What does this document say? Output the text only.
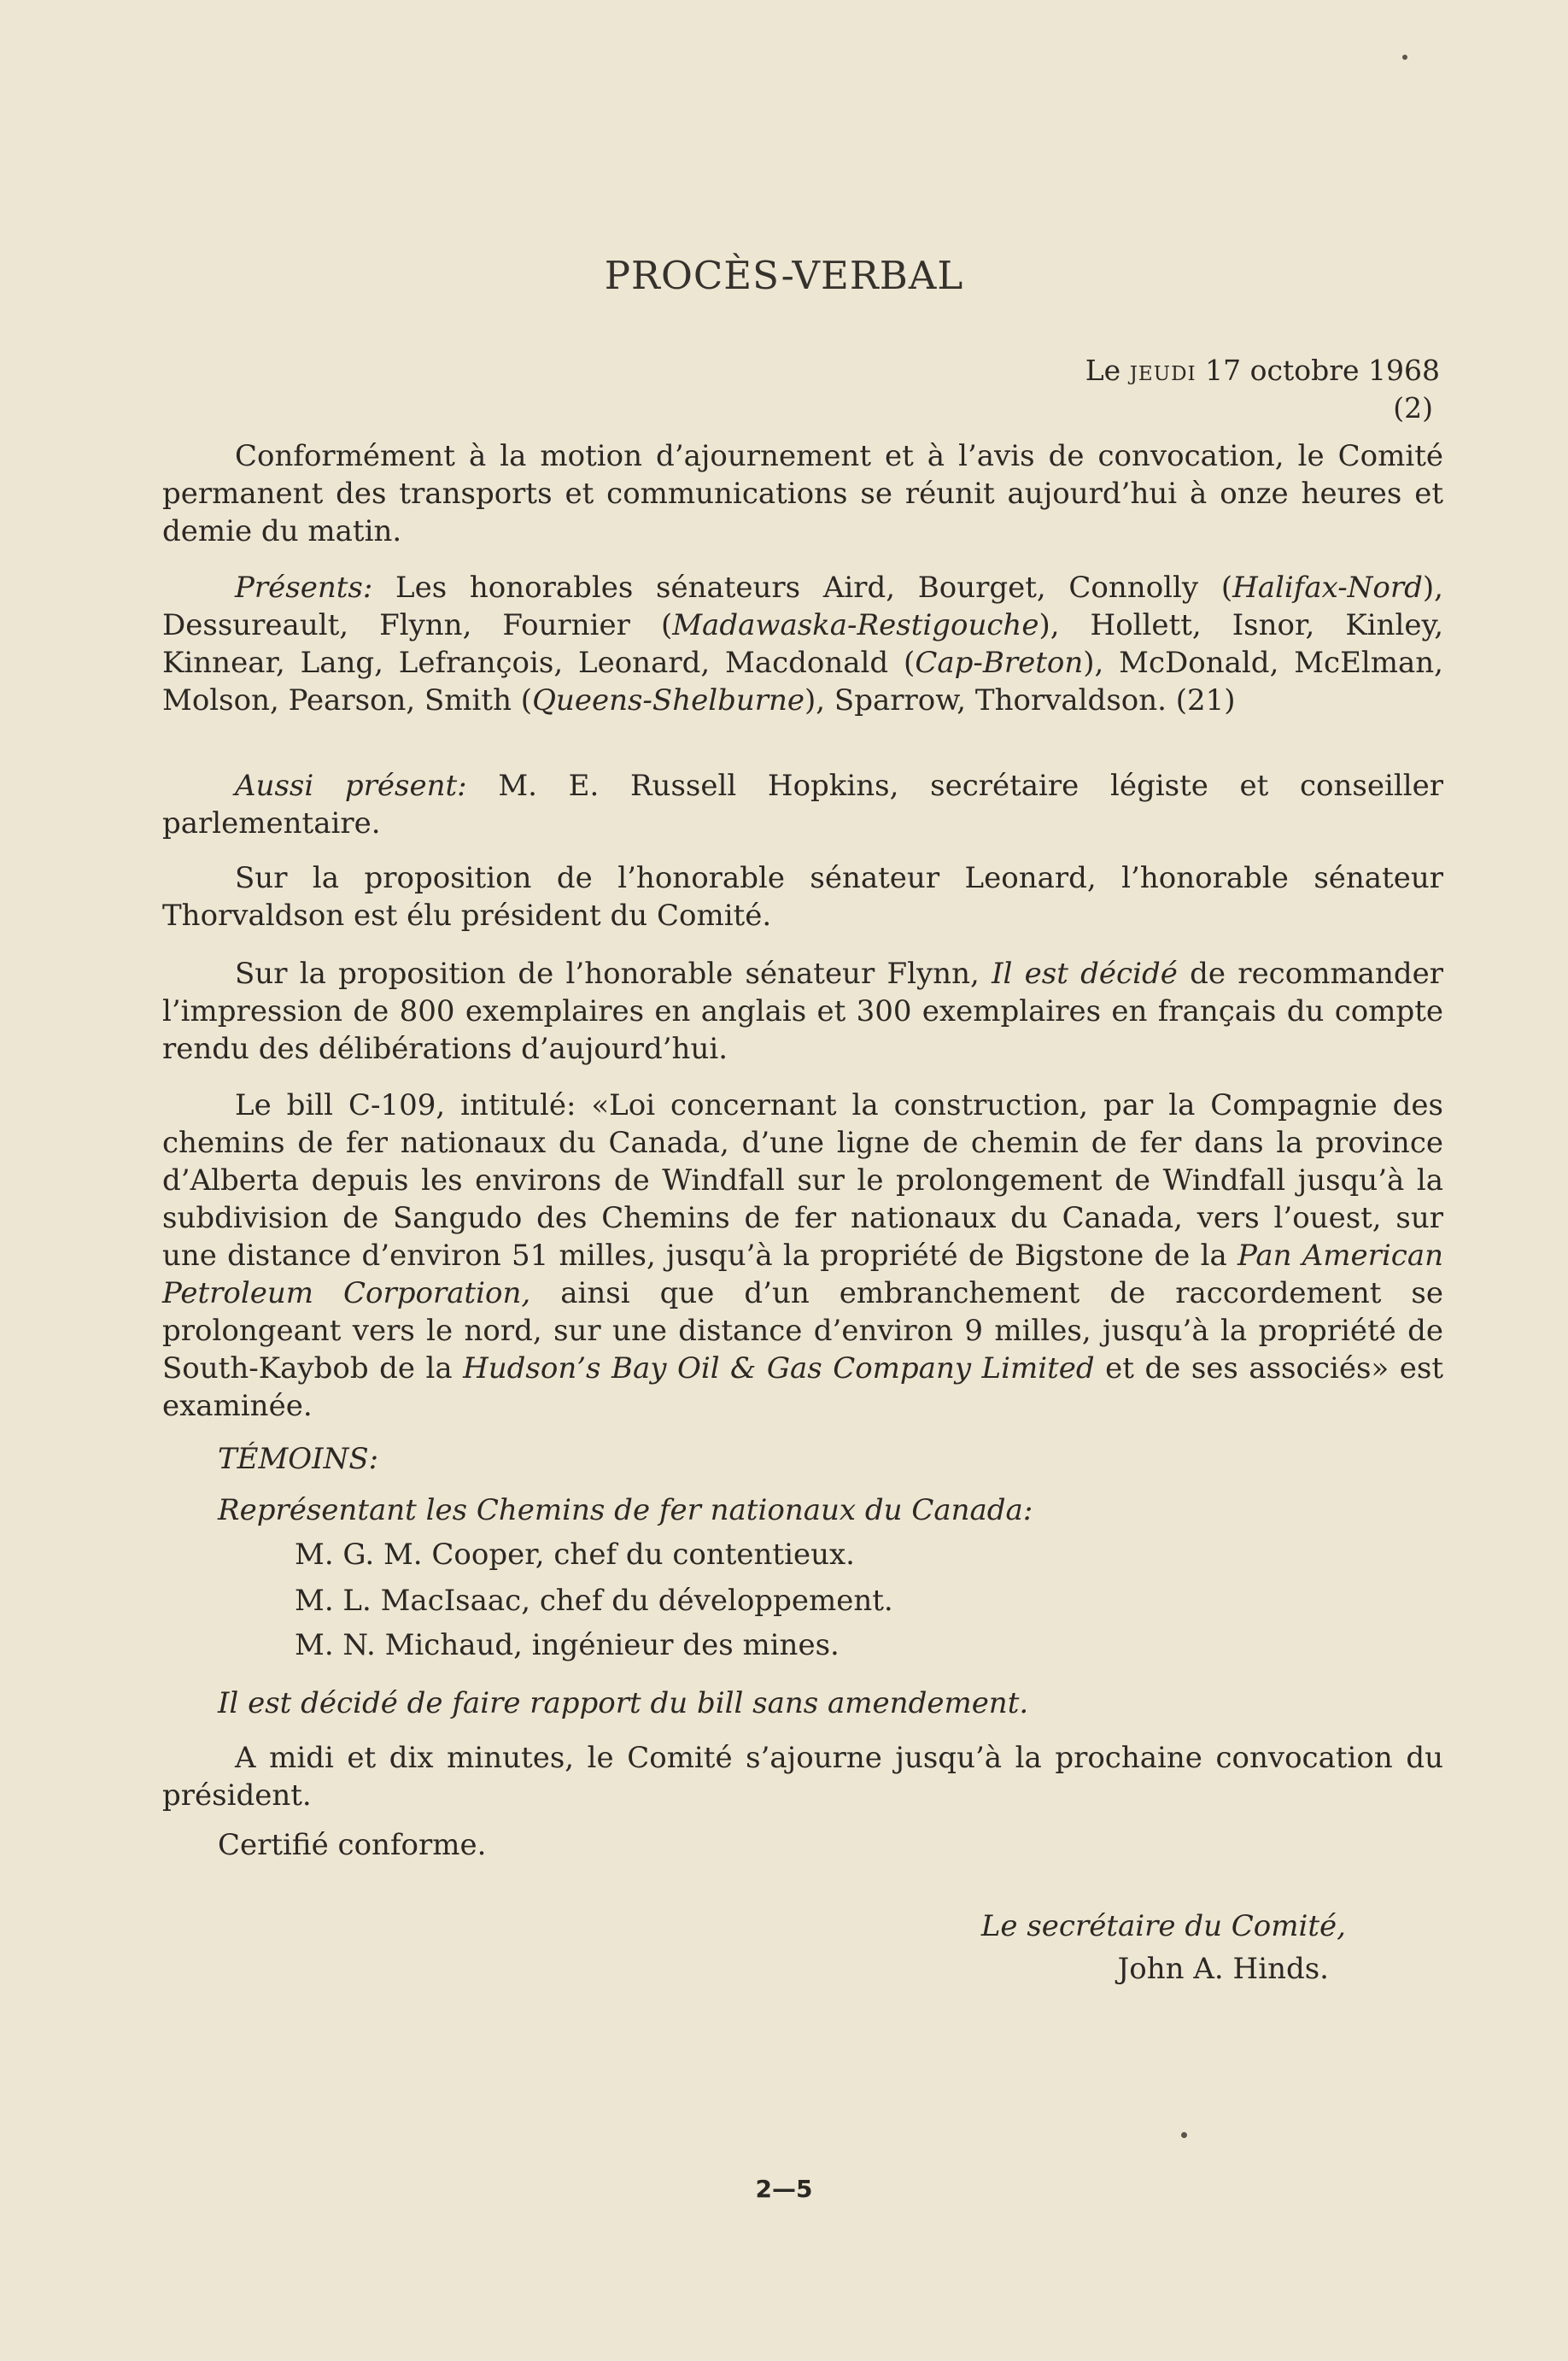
PROCÈS-VERBAL
Le jeudi 17 octobre 1968
(2)

Conformément à la motion d’ajournement et à l’avis de convocation, le Comité permanent des transports et communications se réunit aujourd’hui à onze heures et demie du matin.

Présents: Les honorables sénateurs Aird, Bourget, Connolly (Halifax-Nord), Dessureault, Flynn, Fournier (Madawaska-Restigouche), Hollett, Isnor, Kinley, Kinnear, Lang, Lefrançois, Leonard, Macdonald (Cap-Breton), McDonald, McElman, Molson, Pearson, Smith (Queens-Shelburne), Sparrow, Thorvaldson. (21)

Aussi présent: M. E. Russell Hopkins, secrétaire légiste et conseiller parlementaire.

Sur la proposition de l’honorable sénateur Leonard, l’honorable sénateur Thorvaldson est élu président du Comité.

Sur la proposition de l’honorable sénateur Flynn, Il est décidé de recommander l’impression de 800 exemplaires en anglais et 300 exemplaires en français du compte rendu des délibérations d’aujourd’hui.

Le bill C-109, intitulé: «Loi concernant la construction, par la Compagnie des chemins de fer nationaux du Canada, d’une ligne de chemin de fer dans la province d’Alberta depuis les environs de Windfall sur le prolongement de Windfall jusqu’à la subdivision de Sangudo des Chemins de fer nationaux du Canada, vers l’ouest, sur une distance d’environ 51 milles, jusqu’à la propriété de Bigstone de la Pan American Petroleum Corporation, ainsi que d’un embranchement de raccordement se prolongeant vers le nord, sur une distance d’environ 9 milles, jusqu’à la propriété de South-Kaybob de la Hudson’s Bay Oil & Gas Company Limited et de ses associés» est examinée.

TÉMOINS:
Représentant les Chemins de fer nationaux du Canada:
M. G. M. Cooper, chef du contentieux.
M. L. MacIsaac, chef du développement.
M. N. Michaud, ingénieur des mines.
Il est décidé de faire rapport du bill sans amendement.

A midi et dix minutes, le Comité s’ajourne jusqu’à la prochaine convocation du président.

Certifié conforme.
Le secrétaire du Comité,
John A. Hinds.
2—5
